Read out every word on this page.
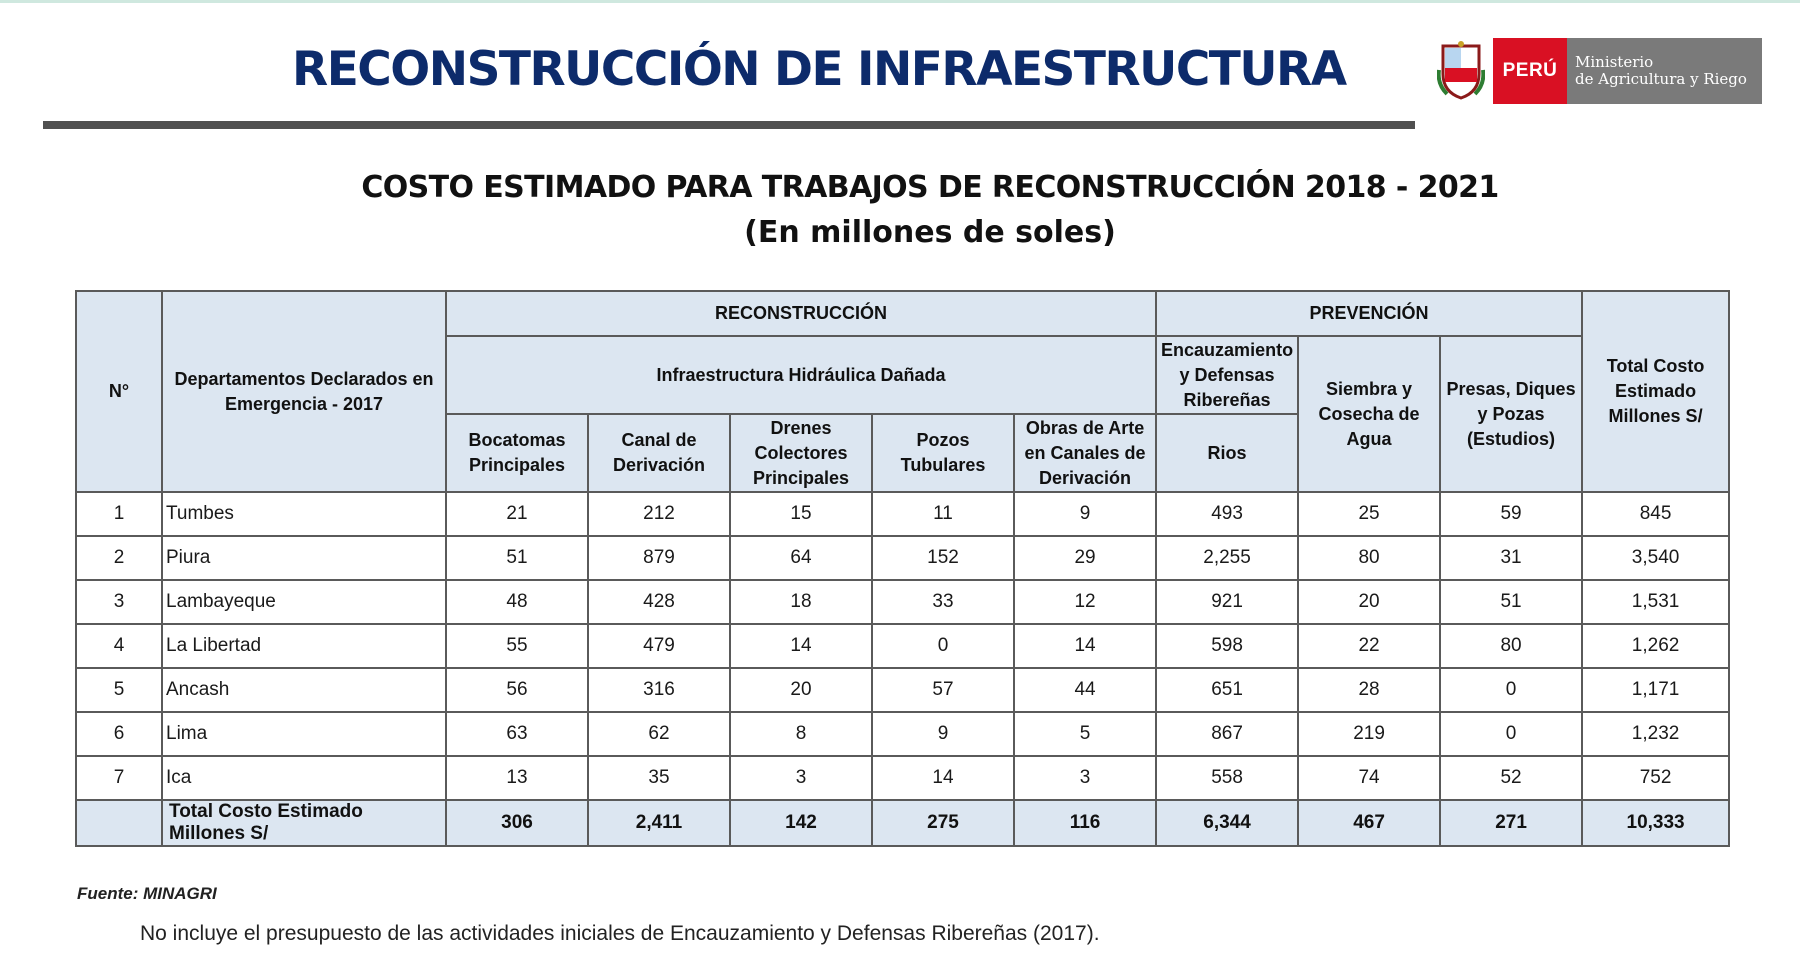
RECONSTRUCCIÓN DE INFRAESTRUCTURA	PERÚ	Ministerio
de Agricultura y Riego
COSTO ESTIMADO PARA TRABAJOS DE RECONSTRUCCIÓN 2018 - 2021
(En millones de soles)
N°	Departamentos Declarados en Emergencia - 2017	RECONSTRUCCIÓN					PREVENCIÓN			Total Costo Estimado Millones S/
		Infraestructura Hidráulica Dañada					Encauzamiento y Defensas Ribereñas	Siembra y Cosecha de Agua	Presas, Diques y Pozas (Estudios)	
		Bocatomas Principales	Canal de Derivación	Drenes Colectores Principales	Pozos Tubulares	Obras de Arte en Canales de Derivación	Rios			
1	Tumbes	21	212	15	11	9	493	25	59	845
2	Piura	51	879	64	152	29	2,255	80	31	3,540
3	Lambayeque	48	428	18	33	12	921	20	51	1,531
4	La Libertad	55	479	14	0	14	598	22	80	1,262
5	Ancash	56	316	20	57	44	651	28	0	1,171
6	Lima	63	62	8	9	5	867	219	0	1,232
7	Ica	13	35	3	14	3	558	74	52	752
	Total Costo Estimado Millones S/	306	2,411	142	275	116	6,344	467	271	10,333
Fuente: MINAGRI
No incluye el presupuesto de las actividades iniciales de Encauzamiento y Defensas Ribereñas (2017).
